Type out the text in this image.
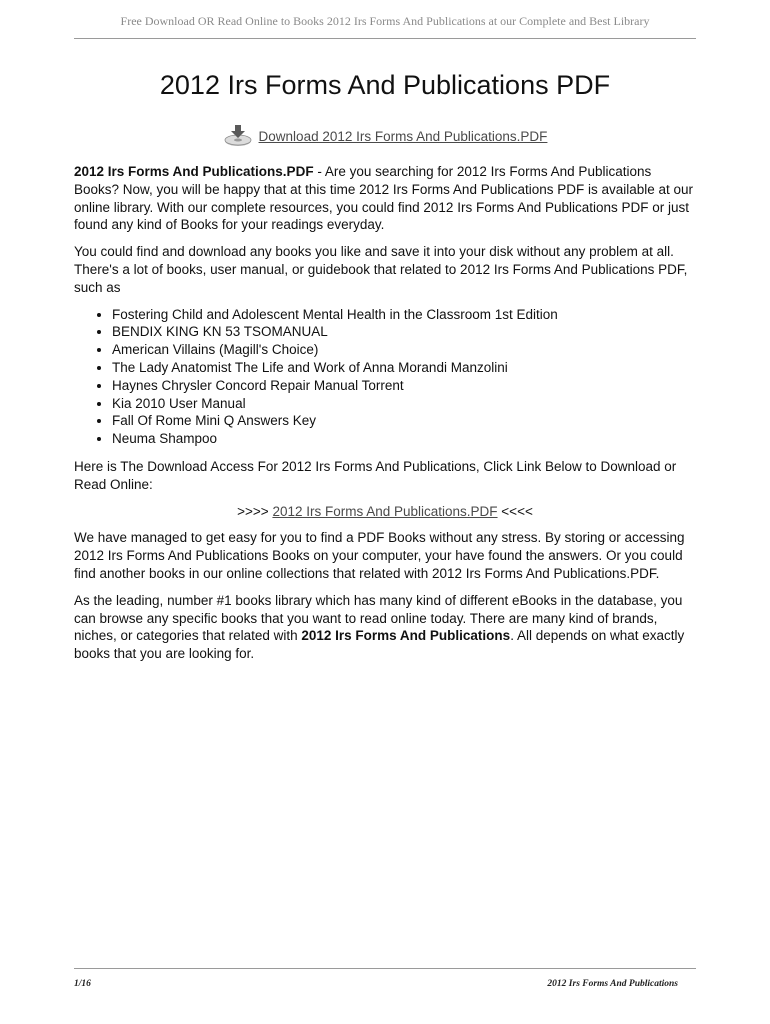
Free Download OR Read Online to Books 2012 Irs Forms And Publications at our Complete and Best Library
2012 Irs Forms And Publications PDF
Download 2012 Irs Forms And Publications.PDF

2012 Irs Forms And Publications.PDF - Are you searching for 2012 Irs Forms And Publications Books? Now, you will be happy that at this time 2012 Irs Forms And Publications PDF is available at our online library. With our complete resources, you could find 2012 Irs Forms And Publications PDF or just found any kind of Books for your readings everyday.

You could find and download any books you like and save it into your disk without any problem at all. There's a lot of books, user manual, or guidebook that related to 2012 Irs Forms And Publications PDF, such as

• Fostering Child and Adolescent Mental Health in the Classroom 1st Edition
• BENDIX KING KN 53 TSOMANUAL
• American Villains (Magill's Choice)
• The Lady Anatomist The Life and Work of Anna Morandi Manzolini
• Haynes Chrysler Concord Repair Manual Torrent
• Kia 2010 User Manual
• Fall Of Rome Mini Q Answers Key
• Neuma Shampoo

Here is The Download Access For 2012 Irs Forms And Publications, Click Link Below to Download or Read Online:

>>>> 2012 Irs Forms And Publications.PDF <<<<

We have managed to get easy for you to find a PDF Books without any stress. By storing or accessing 2012 Irs Forms And Publications Books on your computer, your have found the answers. Or you could find another books in our online collections that related with 2012 Irs Forms And Publications.PDF.

As the leading, number #1 books library which has many kind of different eBooks in the database, you can browse any specific books that you want to read online today. There are many kind of brands, niches, or categories that related with 2012 Irs Forms And Publications. All depends on what exactly books that you are looking for.

1/16	2012 Irs Forms And Publications
